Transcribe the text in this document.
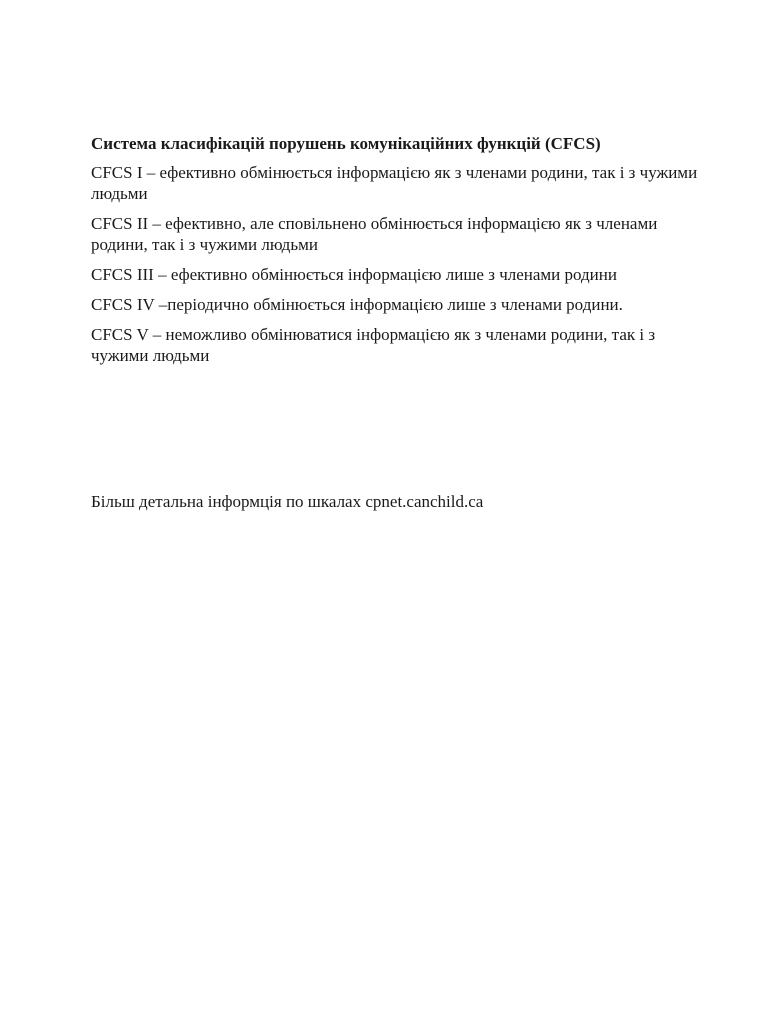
Система класифікацій порушень комунікаційних функцій (CFCS)

CFCS I – ефективно обмінюється інформацією як з членами родини, так і з чужими людьми

CFCS II – ефективно, але сповільнено обмінюється інформацією як з членами родини, так і з чужими людьми

CFCS III – ефективно обмінюється інформацією лише з членами родини

CFCS IV –періодично обмінюється інформацією лише з членами родини.

CFCS V – неможливо обмінюватися інформацією як з членами родини, так і з чужими людьми

Більш детальна інформція по шкалах cpnet.canchild.ca
